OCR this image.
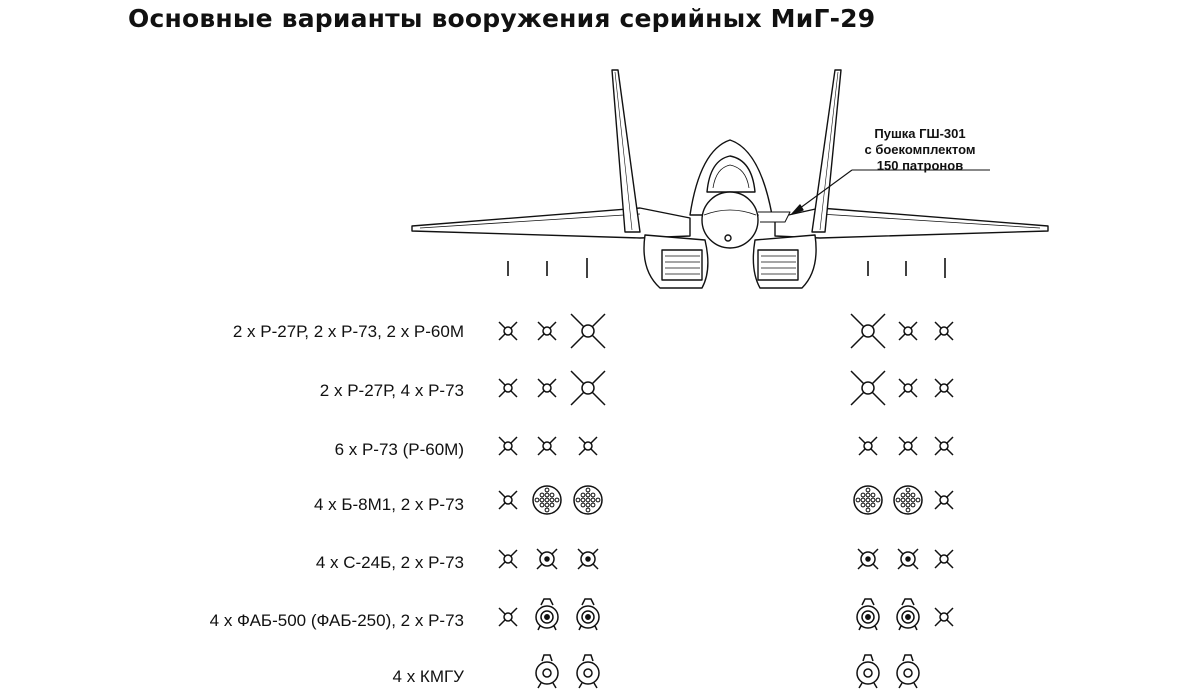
Основные варианты вооружения серийных МиГ-29
Пушка ГШ-301
с боекомплектом
150 патронов
2 х Р-27Р, 2 х Р-73, 2 х Р-60М
2 х Р-27Р, 4 х Р-73
6 х Р-73 (Р-60М)
4 х Б-8М1, 2 х Р-73
4 х С-24Б, 2 х Р-73
4 х ФАБ-500 (ФАБ-250), 2 х Р-73
4 х КМГУ
